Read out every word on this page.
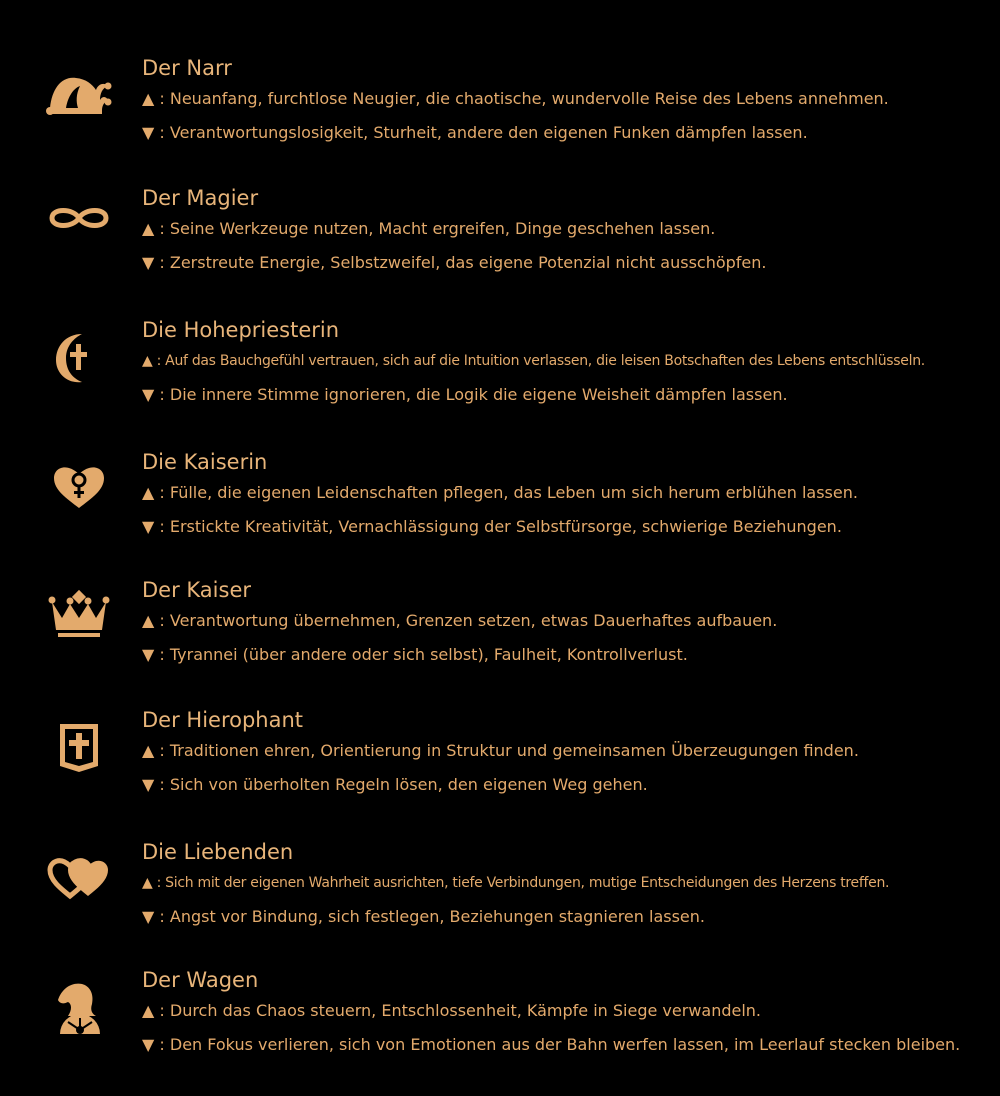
Der Narr
▲ : Neuanfang, furchtlose Neugier, die chaotische, wundervolle Reise des Lebens annehmen.
▼ : Verantwortungslosigkeit, Sturheit, andere den eigenen Funken dämpfen lassen.
Der Magier
▲ : Seine Werkzeuge nutzen, Macht ergreifen, Dinge geschehen lassen.
▼ : Zerstreute Energie, Selbstzweifel, das eigene Potenzial nicht ausschöpfen.
Die Hohepriesterin
▲ : Auf das Bauchgefühl vertrauen, sich auf die Intuition verlassen, die leisen Botschaften des Lebens entschlüsseln.
▼ : Die innere Stimme ignorieren, die Logik die eigene Weisheit dämpfen lassen.
Die Kaiserin
▲ : Fülle, die eigenen Leidenschaften pflegen, das Leben um sich herum erblühen lassen.
▼ : Erstickte Kreativität, Vernachlässigung der Selbstfürsorge, schwierige Beziehungen.
Der Kaiser
▲ : Verantwortung übernehmen, Grenzen setzen, etwas Dauerhaftes aufbauen.
▼ : Tyrannei (über andere oder sich selbst), Faulheit, Kontrollverlust.
Der Hierophant
▲ : Traditionen ehren, Orientierung in Struktur und gemeinsamen Überzeugungen finden.
▼ : Sich von überholten Regeln lösen, den eigenen Weg gehen.
Die Liebenden
▲ : Sich mit der eigenen Wahrheit ausrichten, tiefe Verbindungen, mutige Entscheidungen des Herzens treffen.
▼ : Angst vor Bindung, sich festlegen, Beziehungen stagnieren lassen.
Der Wagen
▲ : Durch das Chaos steuern, Entschlossenheit, Kämpfe in Siege verwandeln.
▼ : Den Fokus verlieren, sich von Emotionen aus der Bahn werfen lassen, im Leerlauf stecken bleiben.
